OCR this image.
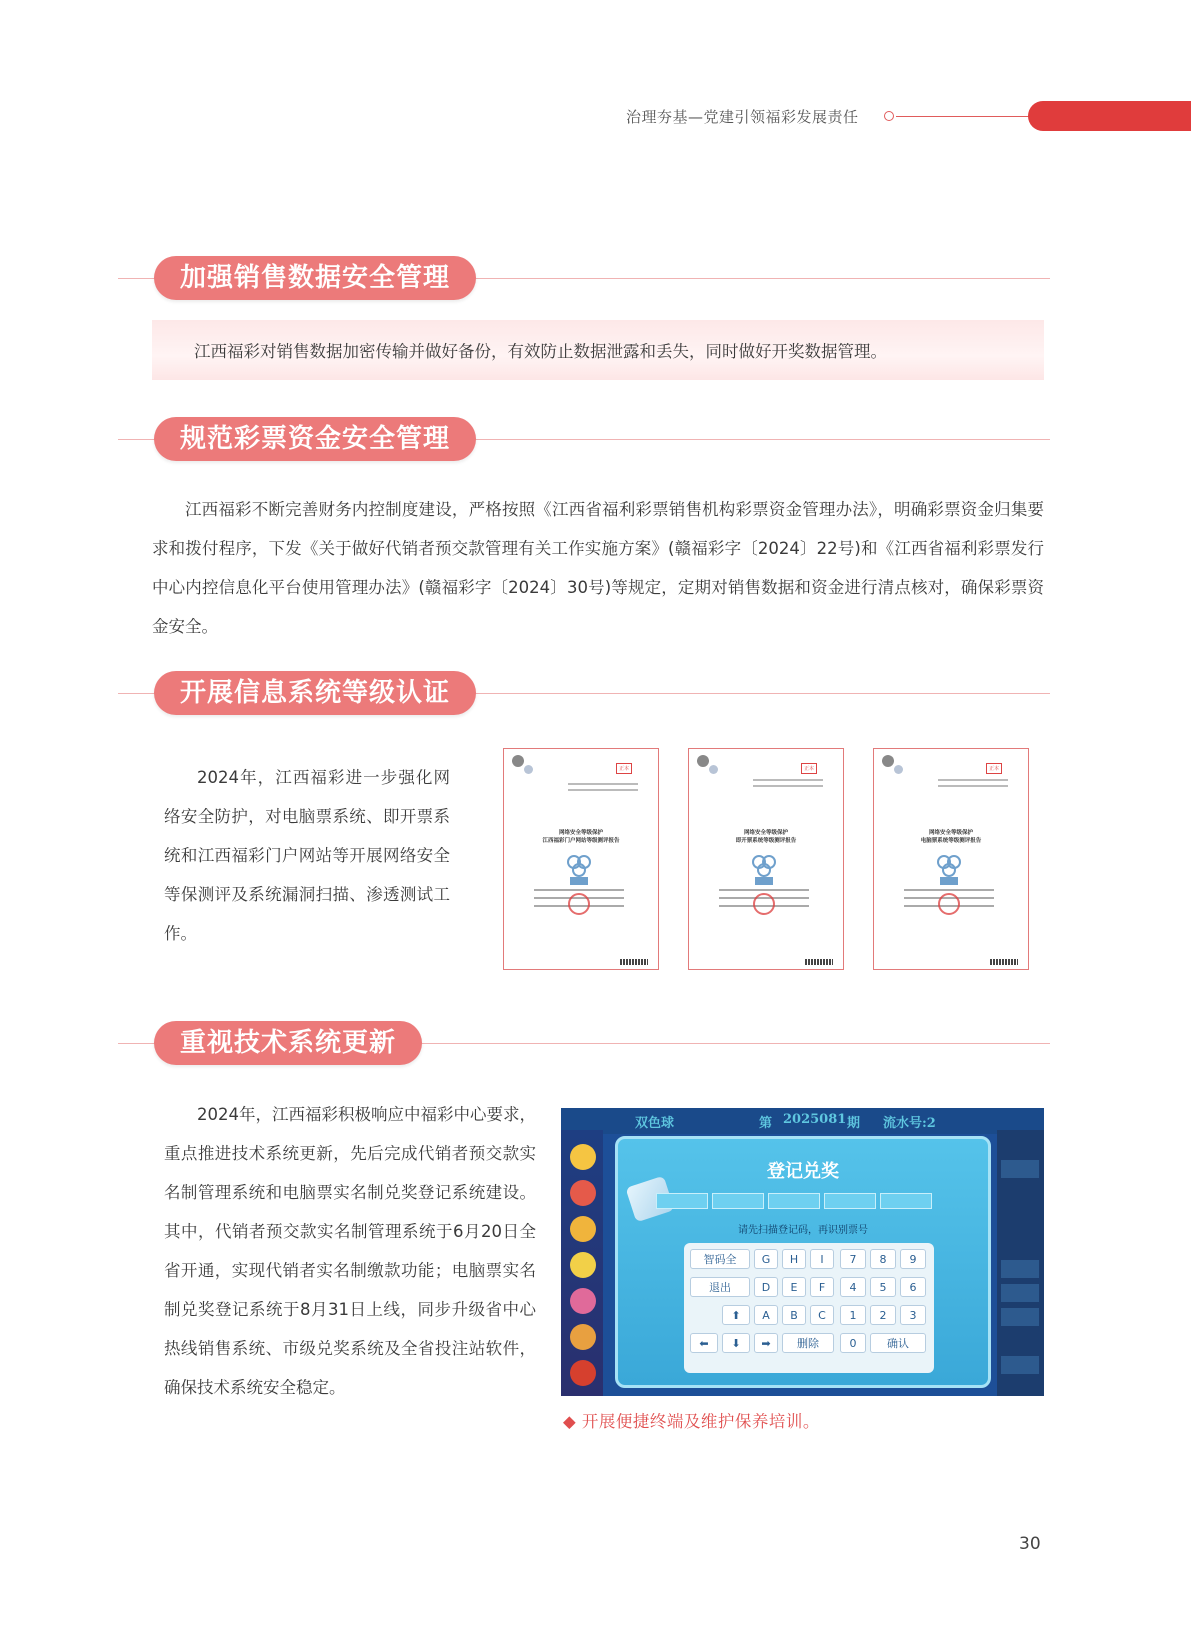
治理夯基—党建引领福彩发展责任
加强销售数据安全管理
江西福彩对销售数据加密传输并做好备份，有效防止数据泄露和丢失，同时做好开奖数据管理。
规范彩票资金安全管理

江西福彩不断完善财务内控制度建设，严格按照《江西省福利彩票销售机构彩票资金管理办法》，明确彩票资金归集要求和拨付程序，下发《关于做好代销者预交款管理有关工作实施方案》(赣福彩字〔2024〕22号)和《江西省福利彩票发行中心内控信息化平台使用管理办法》(赣福彩字〔2024〕30号)等规定，定期对销售数据和资金进行清点核对，确保彩票资金安全。

开展信息系统等级认证

2024年，江西福彩进一步强化网络安全防护，对电脑票系统、即开票系统和江西福彩门户网站等开展网络安全等保测评及系统漏洞扫描、渗透测试工作。

正本
网络安全等级保护
江西福彩门户网站等级测评报告
正本
网络安全等级保护
即开票系统等级测评报告
正本
网络安全等级保护
电脑票系统等级测评报告
重视技术系统更新

2024年，江西福彩积极响应中福彩中心要求，重点推进技术系统更新，先后完成代销者预交款实名制管理系统和电脑票实名制兑奖登记系统建设。其中，代销者预交款实名制管理系统于6月20日全省开通，实现代销者实名制缴款功能；电脑票实名制兑奖登记系统于8月31日上线，同步升级省中心热线销售系统、市级兑奖系统及全省投注站软件，确保技术系统安全稳定。

双色球	第 2025081 期 流水号:2
登记兑奖
请先扫描登记码，再识别票号
智码全	G	H	I	7	8	9
退出	D	E	F	4	5	6
⬆	A	B	C	1	2	3
⬅	⬇	➡	删除	0	确认
◆ 开展便捷终端及维护保养培训。
30
